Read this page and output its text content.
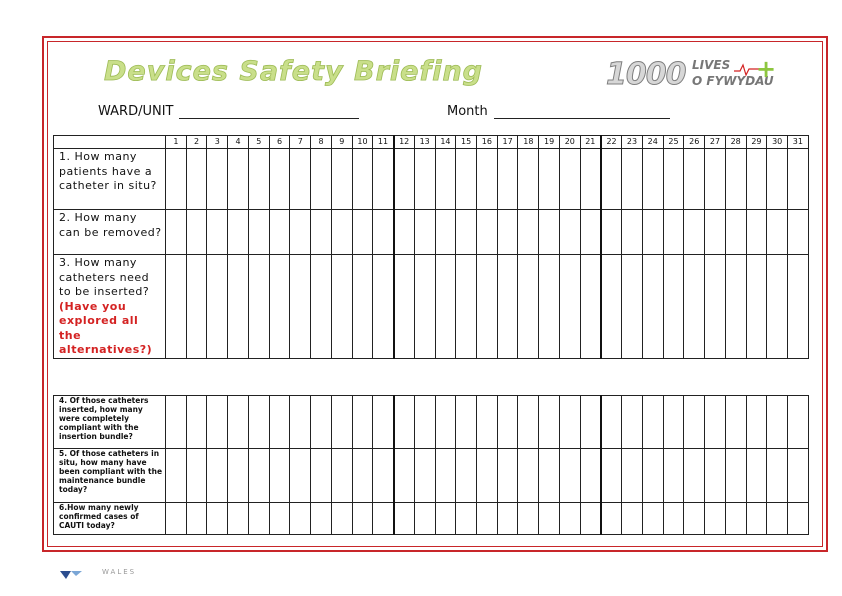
Devices Safety Briefing	1000 LIVES
O FYWYDAU
+
WARD/UNIT	Month
	1	2	3	4	5	6	7	8	9	10	11	12	13	14	15	16	17	18	19	20	21	22	23	24	25	26	27	28	29	30	31
1. How many patients have a catheter in situ?																															
2. How many can be removed?																															
3. How many catheters need to be inserted?
(Have you explored all the alternatives?)																															

4. Of those catheters inserted, how many were completely compliant with the insertion bundle?																															
5. Of those catheters in situ, how many have been compliant with the maintenance bundle today?																															
6.How many newly confirmed cases of CAUTI today?																															
WALES
